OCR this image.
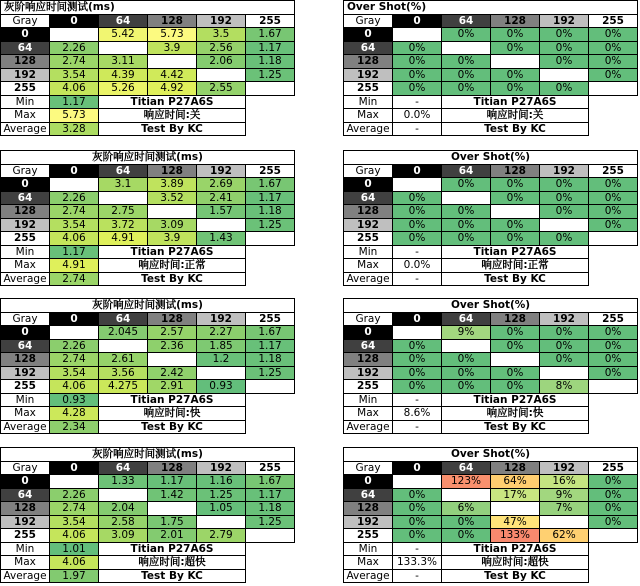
灰阶响应时间测试(ms)					
Gray	0	64	128	192	255
0		5.42	5.73	3.5	1.67
64	2.26		3.9	2.56	1.17
128	2.74	3.11		2.06	1.18
192	3.54	4.39	4.42		1.25
255	4.06	5.26	4.92	2.55	
Min	1.17	Titian P27A6S			
Max	5.73	响应时间:关			
Average	3.28	Test By KC			
Over Shot(%)					
Gray	0	64	128	192	255
0		0%	0%	0%	0%
64	0%		0%	0%	0%
128	0%	0%		0%	0%
192	0%	0%	0%		0%
255	0%	0%	0%	0%	
Min	-	Titian P27A6S			
Max	0.0%	响应时间:关			
Average	-	Test By KC			
灰阶响应时间测试(ms)					
Gray	0	64	128	192	255
0		3.1	3.89	2.69	1.67
64	2.26		3.52	2.41	1.17
128	2.74	2.75		1.57	1.18
192	3.54	3.72	3.09		1.25
255	4.06	4.91	3.9	1.43	
Min	1.17	Titian P27A6S			
Max	4.91	响应时间:正常			
Average	2.74	Test By KC			
Over Shot(%)					
Gray	0	64	128	192	255
0		0%	0%	0%	0%
64	0%		0%	0%	0%
128	0%	0%		0%	0%
192	0%	0%	0%		0%
255	0%	0%	0%	0%	
Min	-	Titian P27A6S			
Max	0.0%	响应时间:正常			
Average	-	Test By KC			
灰阶响应时间测试(ms)					
Gray	0	64	128	192	255
0		2.045	2.57	2.27	1.67
64	2.26		2.36	1.85	1.17
128	2.74	2.61		1.2	1.18
192	3.54	3.56	2.42		1.25
255	4.06	4.275	2.91	0.93	
Min	0.93	Titian P27A6S			
Max	4.28	响应时间:快			
Average	2.34	Test By KC			
Over Shot(%)					
Gray	0	64	128	192	255
0		9%	0%	0%	0%
64	0%		0%	0%	0%
128	0%	0%		0%	0%
192	0%	0%	0%		0%
255	0%	0%	0%	8%	
Min	-	Titian P27A6S			
Max	8.6%	响应时间:快			
Average	-	Test By KC			
灰阶响应时间测试(ms)					
Gray	0	64	128	192	255
0		1.33	1.17	1.16	1.67
64	2.26		1.42	1.25	1.17
128	2.74	2.04		1.05	1.18
192	3.54	2.58	1.75		1.25
255	4.06	3.09	2.01	2.79	
Min	1.01	Titian P27A6S			
Max	4.06	响应时间:超快			
Average	1.97	Test By KC			
Over Shot(%)					
Gray	0	64	128	192	255
0		123%	64%	16%	0%
64	0%		17%	9%	0%
128	0%	6%		7%	0%
192	0%	0%	47%		0%
255	0%	0%	133%	62%	
Min	-	Titian P27A6S			
Max	133.3%	响应时间:超快			
Average	-	Test By KC			
